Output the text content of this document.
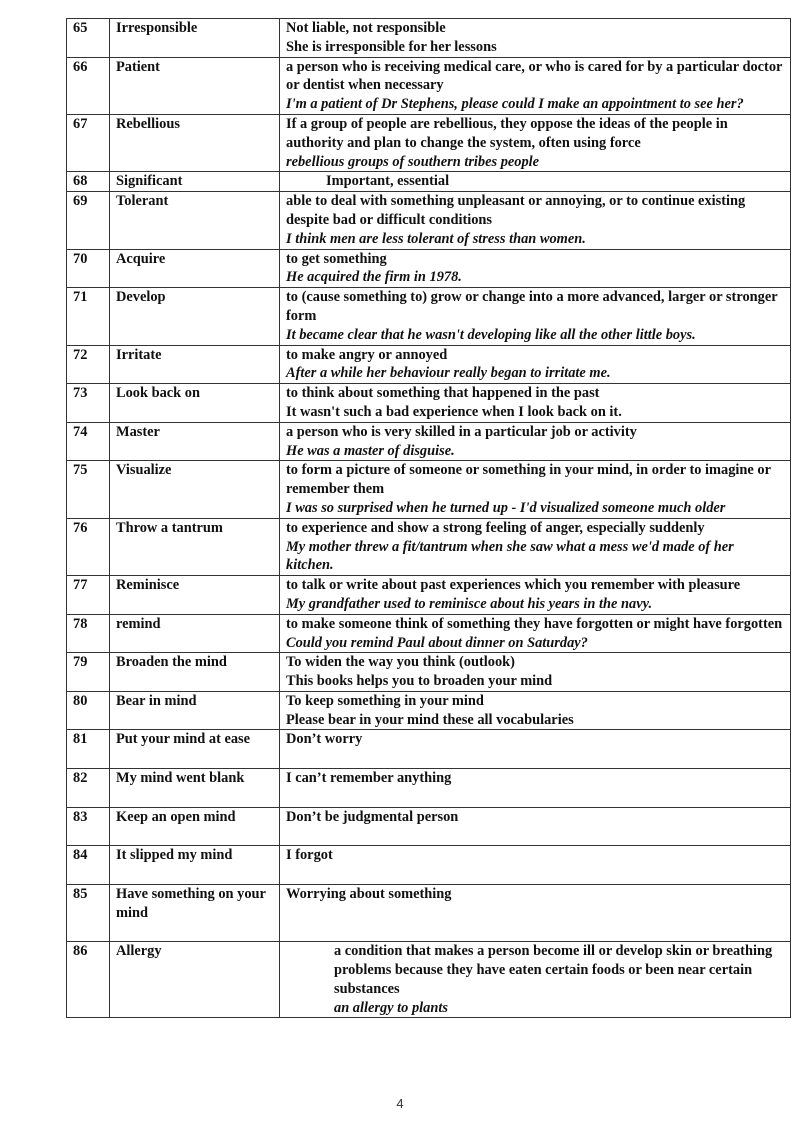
65	Irresponsible	Not liable, not responsible
She is irresponsible for her lessons

66	Patient	a person who is receiving medical care, or who is cared for by a particular doctor or dentist when necessary
I'm a patient of Dr Stephens, please could I make an appointment to see her?

67	Rebellious	If a group of people are rebellious, they oppose the ideas of the people in authority and plan to change the system, often using force
rebellious groups of southern tribes people

68	Significant	Important, essential

69	Tolerant	able to deal with something unpleasant or annoying, or to continue existing despite bad or difficult conditions
I think men are less tolerant of stress than women.

70	Acquire	to get something
He acquired the firm in 1978.

71	Develop	to (cause something to) grow or change into a more advanced, larger or stronger form
It became clear that he wasn't developing like all the other little boys.

72	Irritate	to make angry or annoyed
After a while her behaviour really began to irritate me.

73	Look back on	to think about something that happened in the past
It wasn't such a bad experience when I look back on it.

74	Master	a person who is very skilled in a particular job or activity
He was a master of disguise.

75	Visualize	to form a picture of someone or something in your mind, in order to imagine or remember them
I was so surprised when he turned up - I'd visualized someone much older

76	Throw a tantrum	to experience and show a strong feeling of anger, especially suddenly
My mother threw a fit/tantrum when she saw what a mess we'd made of her kitchen.

77	Reminisce	to talk or write about past experiences which you remember with pleasure
My grandfather used to reminisce about his years in the navy.

78	remind	to make someone think of something they have forgotten or might have forgotten
Could you remind Paul about dinner on Saturday?

79	Broaden the mind	To widen the way you think (outlook)
This books helps you to broaden your mind

80	Bear in mind	To keep something in your mind
Please bear in your mind these all vocabularies

81	Put your mind at ease	Don’t worry

82	My mind went blank	I can’t remember anything

83	Keep an open mind	Don’t be judgmental person

84	It slipped my mind	I forgot

85	Have something on your mind	Worrying about something

86	Allergy	a condition that makes a person become ill or develop skin or breathing problems because they have eaten certain foods or been near certain substances
an allergy to plants
4
